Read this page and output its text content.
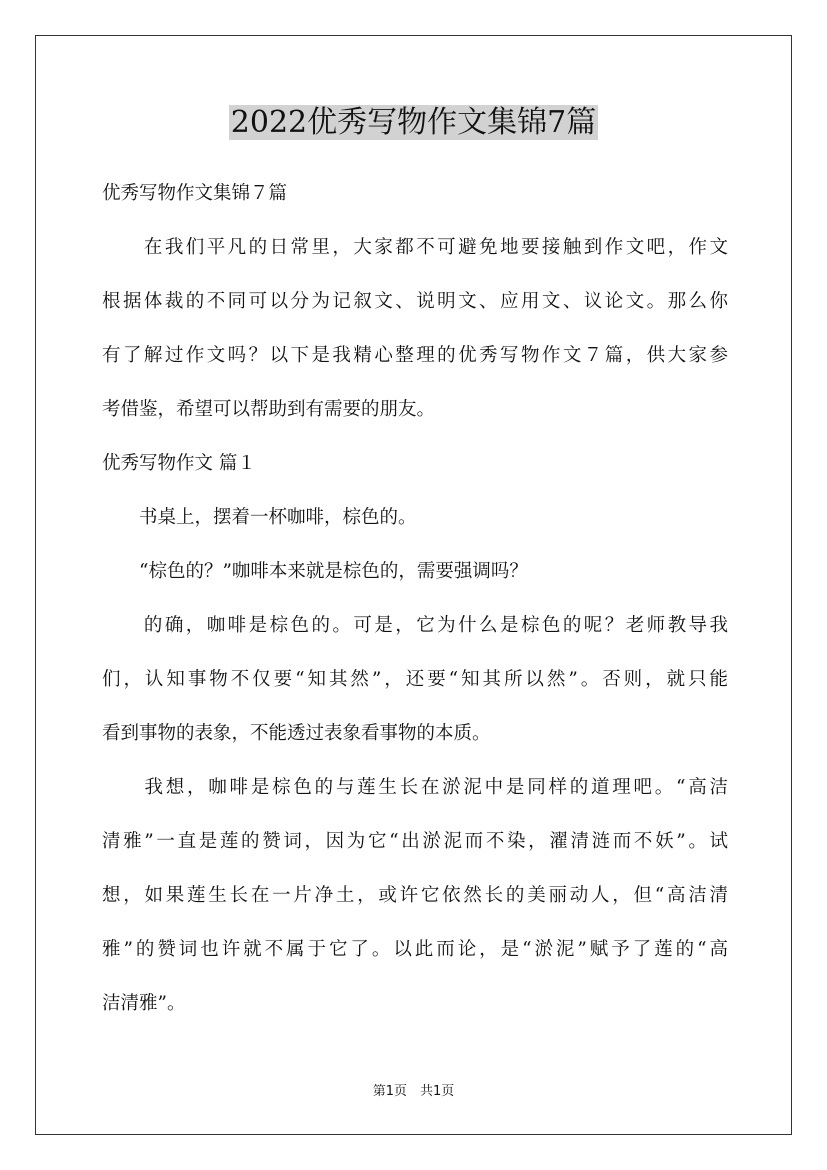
2022优秀写物作文集锦7篇
优秀写物作文集锦７篇
　　在我们平凡的日常里，大家都不可避免地要接触到作文吧，作文
根据体裁的不同可以分为记叙文、说明文、应用文、议论文。那么你
有了解过作文吗？以下是我精心整理的优秀写物作文７篇，供大家参
考借鉴，希望可以帮助到有需要的朋友。
优秀写物作文 篇１
　　书桌上，摆着一杯咖啡，棕色的。
　　“棕色的？”咖啡本来就是棕色的，需要强调吗？
　　的确，咖啡是棕色的。可是，它为什么是棕色的呢？老师教导我
们，认知事物不仅要“知其然”，还要“知其所以然”。否则，就只能
看到事物的表象，不能透过表象看事物的本质。
　　我想，咖啡是棕色的与莲生长在淤泥中是同样的道理吧。“高洁
清雅”一直是莲的赞词，因为它“出淤泥而不染，濯清涟而不妖”。试
想，如果莲生长在一片净土，或许它依然长的美丽动人，但“高洁清
雅”的赞词也许就不属于它了。以此而论，是“淤泥”赋予了莲的“高
洁清雅”。
第1页　共1页
